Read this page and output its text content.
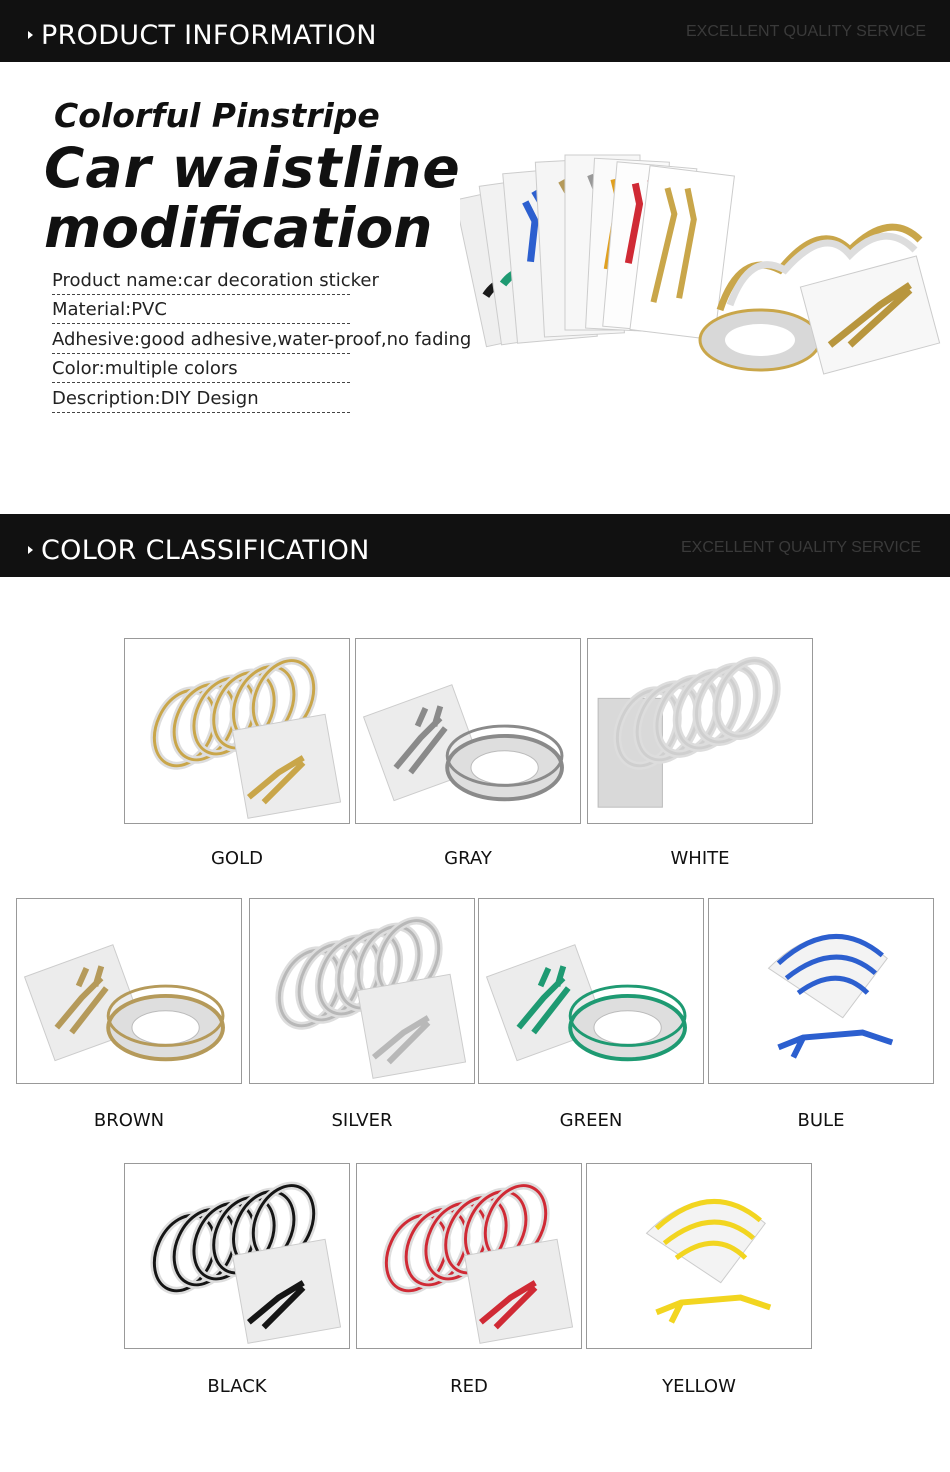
PRODUCT INFORMATION	EXCELLENT QUALITY SERVICE
Colorful Pinstripe
Car waistline
modification
Product name:car decoration sticker
Material:PVC
Adhesive:good adhesive,water-proof,no fading
Color:multiple colors
Description:DIY Design
COLOR CLASSIFICATION	EXCELLENT QUALITY SERVICE
GOLD	GRAY	WHITE
BROWN	SILVER	GREEN	BULE
BLACK	RED	YELLOW
